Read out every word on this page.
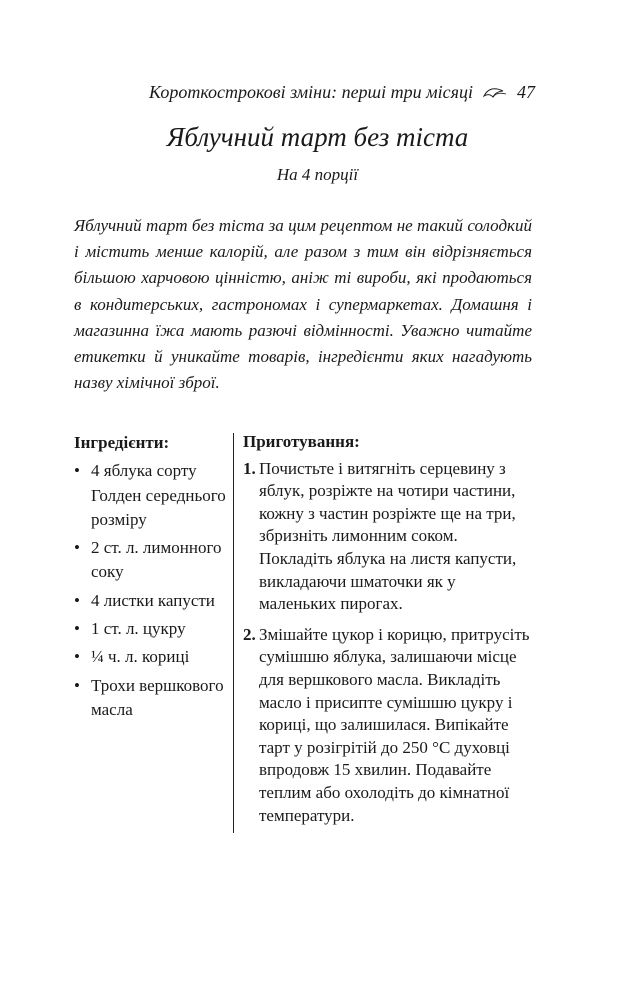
Короткострокові зміни: перші три місяці 47
Яблучний тарт без тіста
На 4 порції

Яблучний тарт без тіста за цим рецептом не такий солодкий і містить менше калорій, але разом з тим він відрізняється більшою харчовою цінністю, аніж ті вироби, які продаються в кондитерських, гастрономах і супермаркетах. Домашня і магазинна їжа мають разючі відмінності. Уважно читайте етикетки й уникайте товарів, інгредієнти яких нагадують назву хімічної зброї.

Інгредієнти:
• 4 яблука сорту Голден середнього розміру
• 2 ст. л. лимонного соку
• 4 листки капусти
• 1 ст. л. цукру
• ¼ ч. л. кориці
• Трохи вершкового масла
Приготування:
1. Почистьте і витягніть серцевину з яблук, розріжте на чотири частини, кожну з частин розріжте ще на три, збризніть лимонним соком. Покладіть яблука на листя капусти, викладаючи шматочки як у маленьких пирогах.
2. Змішайте цукор і корицю, притрусіть сумішшю яблука, залишаючи місце для вершкового масла. Викладіть масло і присипте сумішшю цукру і кориці, що залишилася. Випікайте тарт у розігрітій до 250 °C духовці впродовж 15 хвилин. Подавайте теплим або охолодіть до кімнатної температури.
